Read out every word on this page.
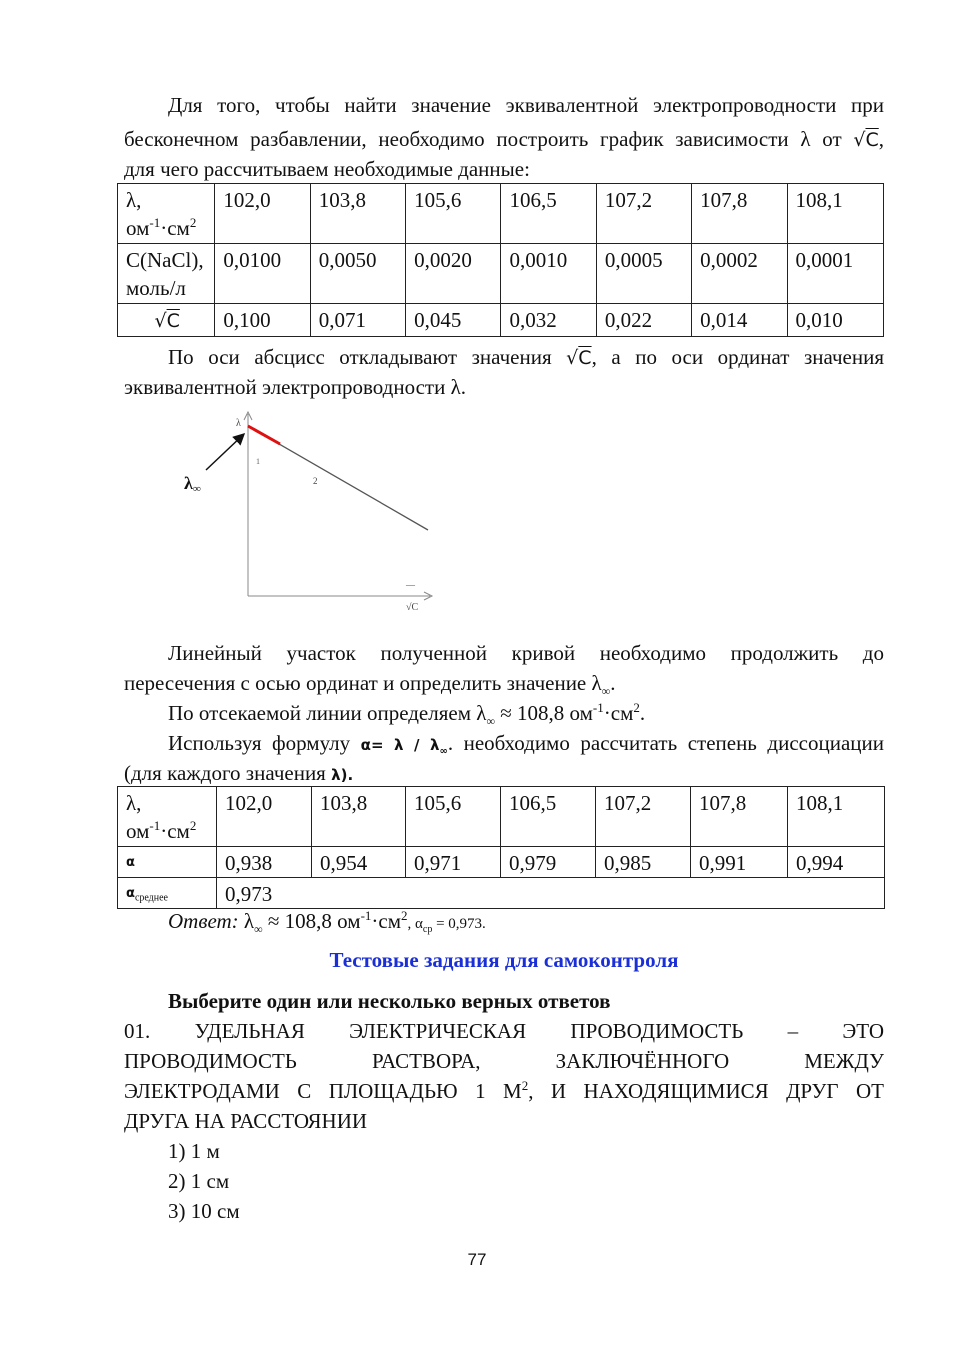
Для того, чтобы найти значение эквивалентной электропроводности при
бесконечном разбавлении, необходимо построить график зависимости λ от √C,
для чего рассчитываем необходимые данные:
λ,
$ом^{-1}\cdot см^2$	102,0	103,8	105,6	106,5	107,2	107,8	108,1
C(NaCl),
моль/л	0,0100	0,0050	0,0020	0,0010	0,0005	0,0002	0,0001
√C	0,100	0,071	0,045	0,032	0,022	0,014	0,010
По оси абсцисс откладывают значения √C, а по оси ординат значения
эквивалентной электропроводности λ.
λ
√C
1
2
—
λ∞
Линейный участок полученной кривой необходимо продолжить до
пересечения с осью ординат и определить значение $\lambda_\infty$.
По отсекаемой линии определяем $\lambda_\infty \approx 108,8$ $ом^{-1}\cdot см^2$.
Используя формулу $\alpha= \lambda / \lambda_\infty$. необходимо рассчитать степень диссоциации
(для каждого значения λ).
λ,
$ом^{-1}\cdot см^2$	102,0	103,8	105,6	106,5	107,2	107,8	108,1
α	0,938	0,954	0,971	0,979	0,985	0,991	0,994
$\alpha_{среднее}$	0,973						
Ответ: $\lambda_\infty \approx 108,8$ $ом^{-1}\cdot см^2$, $\alpha_{ср} = 0,973$.
Тестовые задания для самоконтроля
Выберите один или несколько верных ответов
01. УДЕЛЬНАЯ ЭЛЕКТРИЧЕСКАЯ ПРОВОДИМОСТЬ – ЭТО
ПРОВОДИМОСТЬ РАСТВОРА, ЗАКЛЮЧЁННОГО МЕЖДУ
ЭЛЕКТРОДАМИ С ПЛОЩАДЬЮ 1 $М^2$, И НАХОДЯЩИМИСЯ ДРУГ ОТ
ДРУГА НА РАССТОЯНИИ
1) 1 м
2) 1 см
3) 10 см
77
